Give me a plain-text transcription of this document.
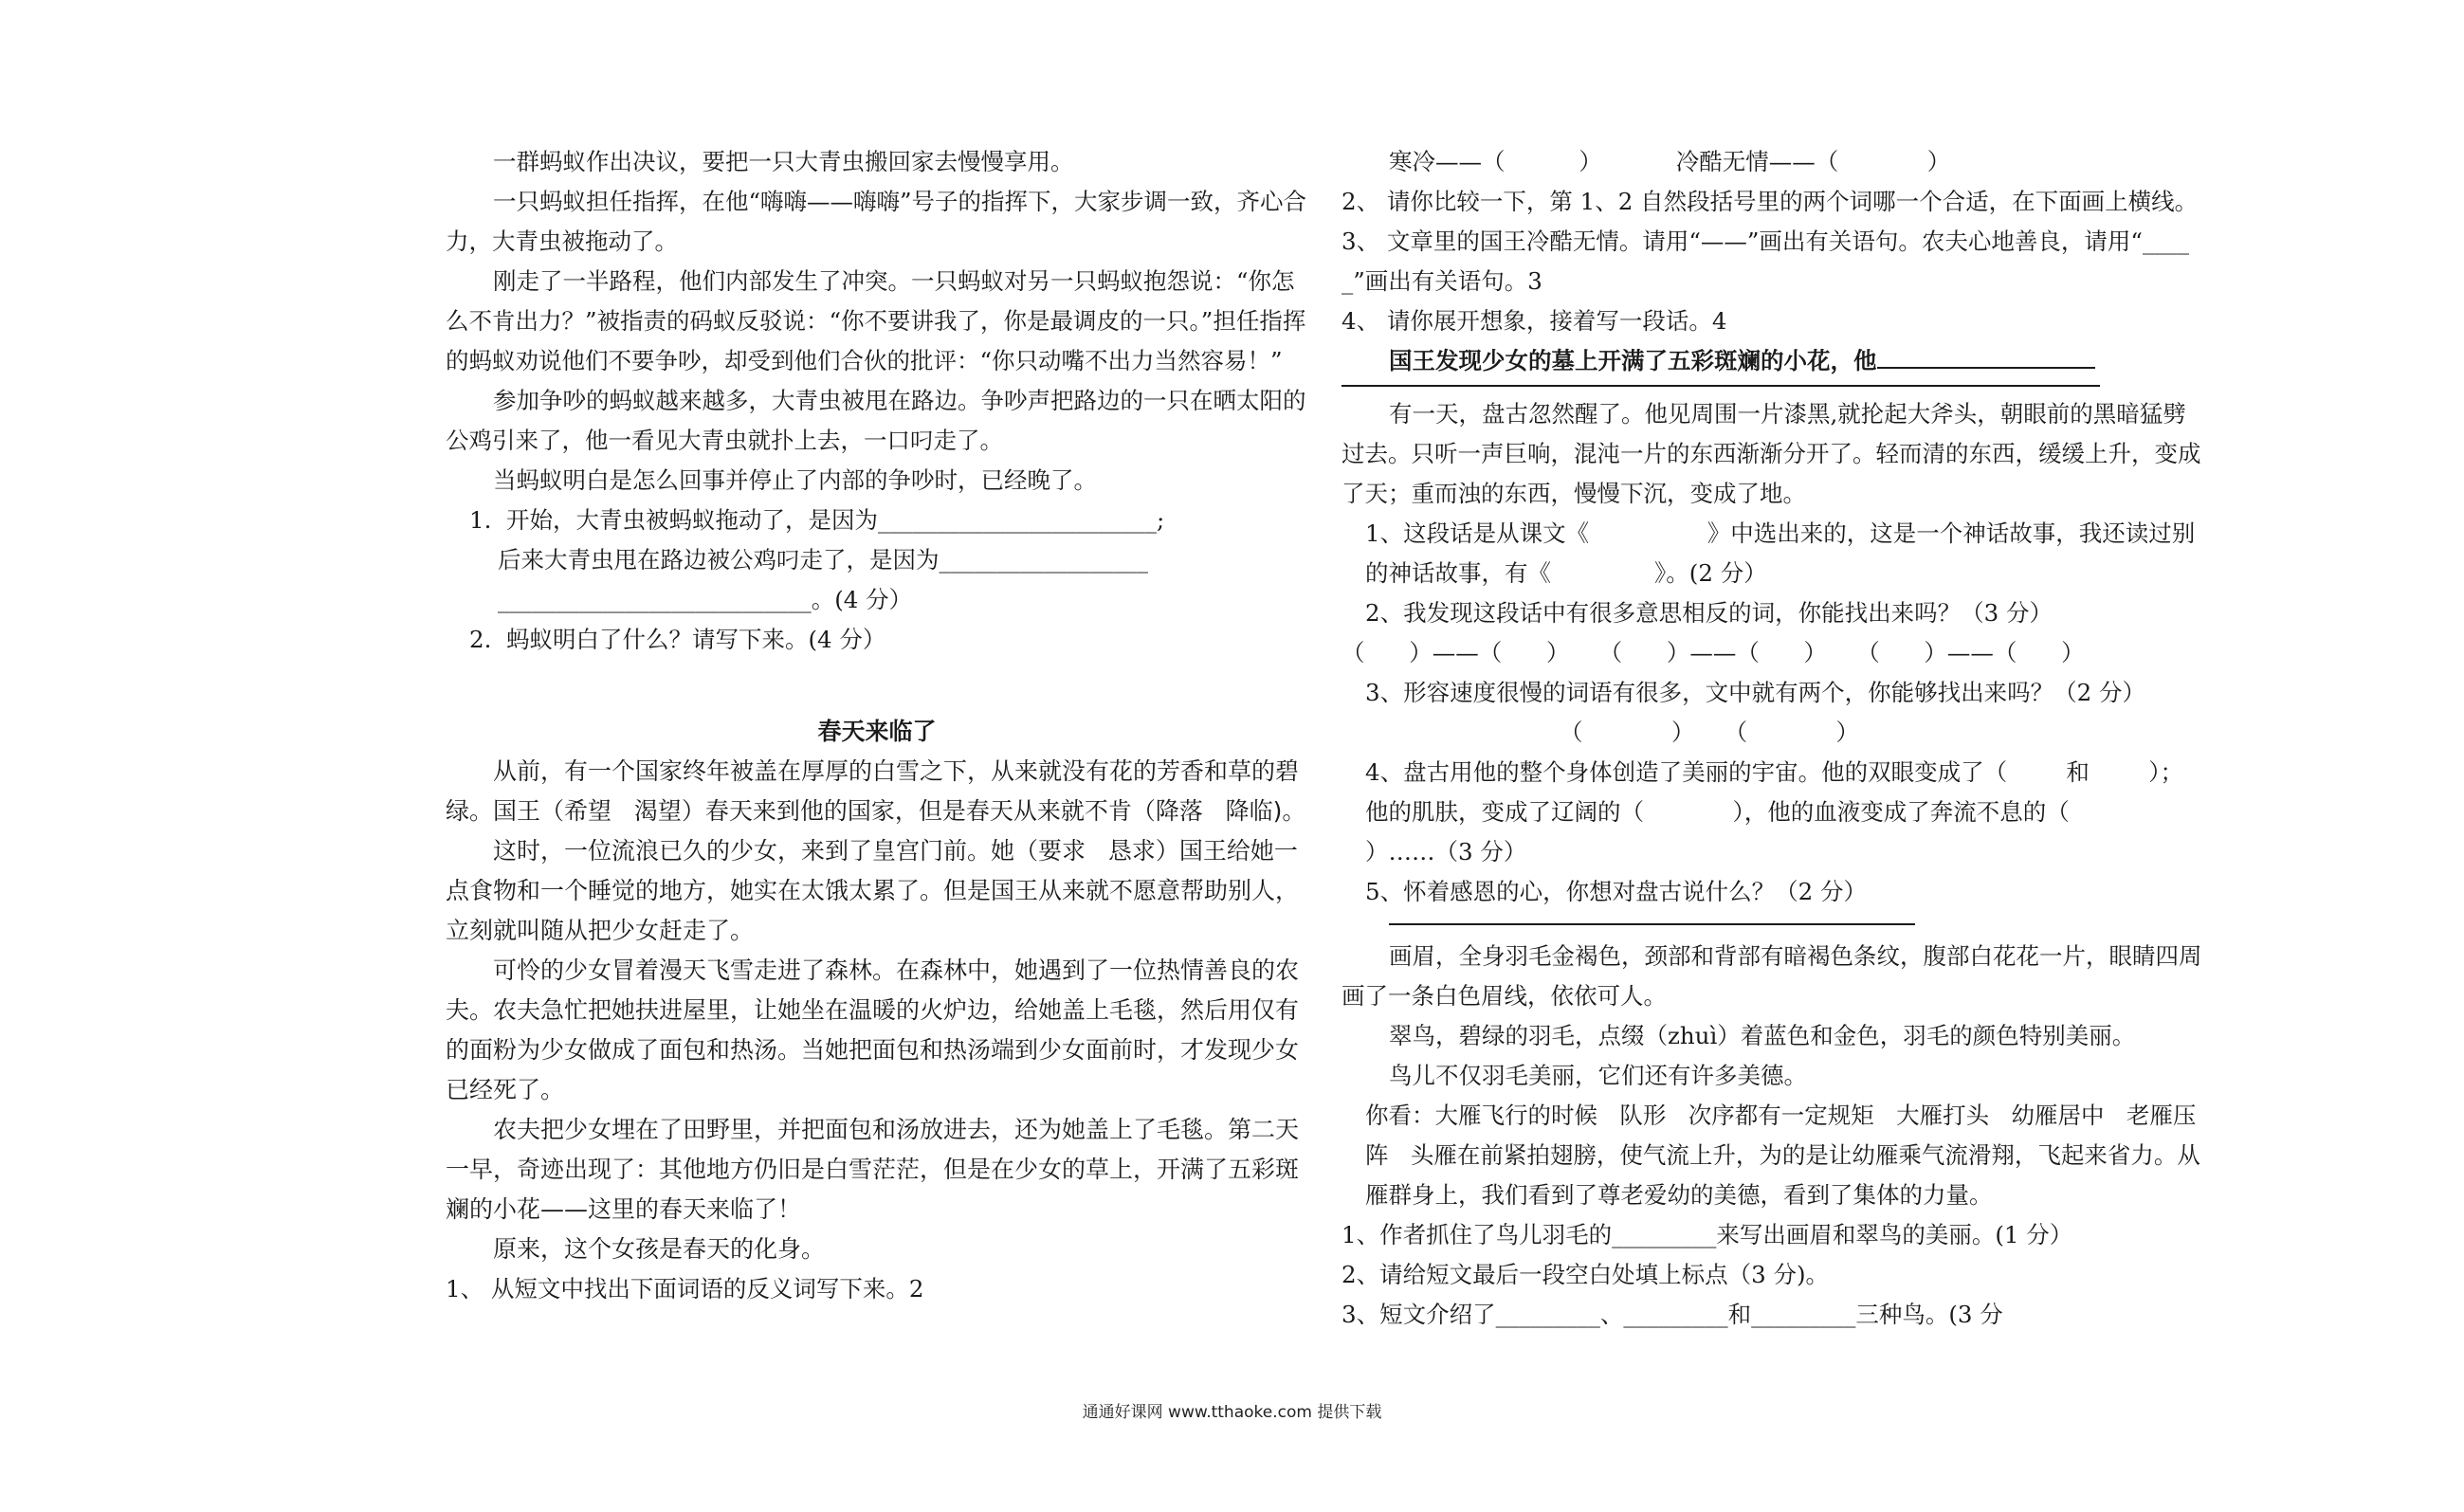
一群蚂蚁作出决议，要把一只大青虫搬回家去慢慢享用。

一只蚂蚁担任指挥，在他“嗨嗨——嗨嗨”号子的指挥下，大家步调一致，齐心合力，大青虫被拖动了。

刚走了一半路程，他们内部发生了冲突。一只蚂蚁对另一只蚂蚁抱怨说：“你怎么不肯出力？”被指责的码蚁反驳说：“你不要讲我了，你是最调皮的一只。”担任指挥的蚂蚁劝说他们不要争吵，却受到他们合伙的批评：“你只动嘴不出力当然容易！”

参加争吵的蚂蚁越来越多，大青虫被甩在路边。争吵声把路边的一只在晒太阳的公鸡引来了，他一看见大青虫就扑上去，一口叼走了。

当蚂蚁明白是怎么回事并停止了内部的争吵时，已经晚了。

1.  开始，大青虫被蚂蚁拖动了，是因为________________________;

后来大青虫甩在路边被公鸡叼走了，是因为__________________

___________________________。(4 分）

2.  蚂蚁明白了什么？请写下来。(4 分）

春天来临了

从前，有一个国家终年被盖在厚厚的白雪之下，从来就没有花的芳香和草的碧绿。国王（希望   渴望）春天来到他的国家，但是春天从来就不肯（降落   降临)。

这时，一位流浪已久的少女，来到了皇宫门前。她（要求   恳求）国王给她一点食物和一个睡觉的地方，她实在太饿太累了。但是国王从来就不愿意帮助别人，立刻就叫随从把少女赶走了。

可怜的少女冒着漫天飞雪走进了森林。在森林中，她遇到了一位热情善良的农夫。农夫急忙把她扶进屋里，让她坐在温暖的火炉边，给她盖上毛毯，然后用仅有的面粉为少女做成了面包和热汤。当她把面包和热汤端到少女面前时，才发现少女已经死了。

农夫把少女埋在了田野里，并把面包和汤放进去，还为她盖上了毛毯。第二天一早，奇迹出现了：其他地方仍旧是白雪茫茫，但是在少女的草上，开满了五彩斑斓的小花——这里的春天来临了！

原来，这个女孩是春天的化身。

1、 从短文中找出下面词语的反义词写下来。2

寒冷——（          ）          冷酷无情——（            ）

2、 请你比较一下，第 1、2 自然段括号里的两个词哪一个合适，在下面画上横线。

3、 文章里的国王冷酷无情。请用“——”画出有关语句。农夫心地善良，请用“_____”画出有关语句。3

4、 请你展开想象，接着写一段话。4

国王发现少女的墓上开满了五彩斑斓的小花，他

有一天，盘古忽然醒了。他见周围一片漆黑,就抡起大斧头，朝眼前的黑暗猛劈过去。只听一声巨响，混沌一片的东西渐渐分开了。轻而清的东西，缓缓上升，变成了天；重而浊的东西，慢慢下沉，变成了地。

1、这段话是从课文《                》中选出来的，这是一个神话故事，我还读过别的神话故事，有《              》。(2 分）

2、我发现这段话中有很多意思相反的词，你能找出来吗？（3 分）

（      ）——（      ）    （      ）——（      ）    （      ）——（      ）

3、形容速度很慢的词语有很多，文中就有两个，你能够找出来吗？（2 分）

（            ）    （            ）

4、盘古用他的整个身体创造了美丽的宇宙。他的双眼变成了（        和        ）；他的肌肤，变成了辽阔的（            ），他的血液变成了奔流不息的（          ）……（3 分）

5、怀着感恩的心，你想对盘古说什么？（2 分）

画眉，全身羽毛金褐色，颈部和背部有暗褐色条纹，腹部白花花一片，眼睛四周画了一条白色眉线，依依可人。

翠鸟，碧绿的羽毛，点缀（zhuì）着蓝色和金色，羽毛的颜色特别美丽。

鸟儿不仅羽毛美丽，它们还有许多美德。

你看：大雁飞行的时候   队形   次序都有一定规矩   大雁打头   幼雁居中   老雁压阵   头雁在前紧拍翅膀，使气流上升，为的是让幼雁乘气流滑翔，飞起来省力。从雁群身上，我们看到了尊老爱幼的美德，看到了集体的力量。

1、作者抓住了鸟儿羽毛的_________来写出画眉和翠鸟的美丽。(1 分）

2、请给短文最后一段空白处填上标点（3 分)。

3、短文介绍了_________、_________和_________三种鸟。(3 分

通通好课网 www.tthaoke.com 提供下载
